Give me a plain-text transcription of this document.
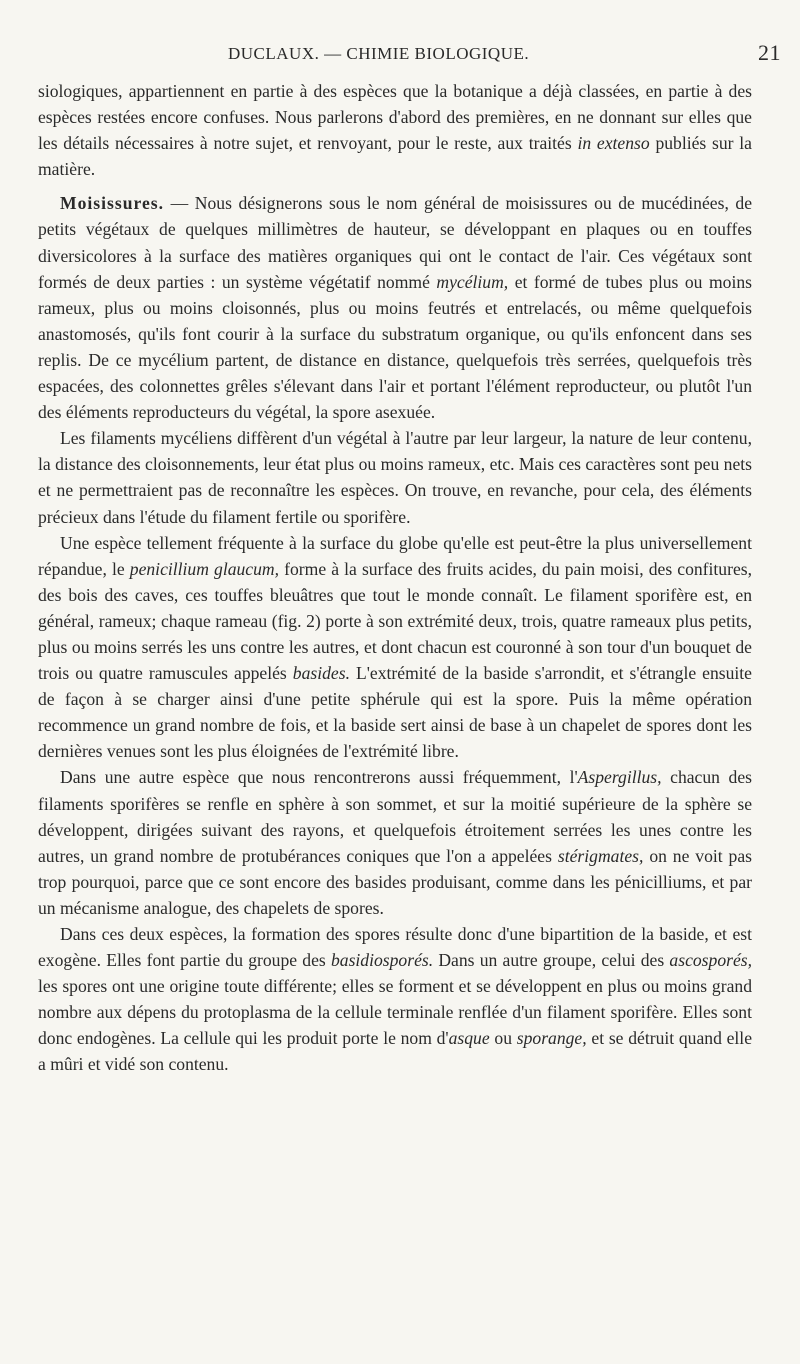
DUCLAUX. — CHIMIE BIOLOGIQUE.	21

siologiques, appartiennent en partie à des espèces que la botanique a déjà classées, en partie à des espèces restées encore confuses. Nous parlerons d'abord des premières, en ne donnant sur elles que les détails nécessaires à notre sujet, et renvoyant, pour le reste, aux traités in extenso publiés sur la matière.

Moisissures. — Nous désignerons sous le nom général de moisissures ou de mucédinées, de petits végétaux de quelques millimètres de hauteur, se développant en plaques ou en touffes diversicolores à la surface des matières organiques qui ont le contact de l'air. Ces végétaux sont formés de deux parties : un système végétatif nommé mycélium, et formé de tubes plus ou moins rameux, plus ou moins cloisonnés, plus ou moins feutrés et entrelacés, ou même quelquefois anastomosés, qu'ils font courir à la surface du substratum organique, ou qu'ils enfoncent dans ses replis. De ce mycélium partent, de distance en distance, quelquefois très serrées, quelquefois très espacées, des colonnettes grêles s'élevant dans l'air et portant l'élément reproducteur, ou plutôt l'un des éléments reproducteurs du végétal, la spore asexuée.

Les filaments mycéliens diffèrent d'un végétal à l'autre par leur largeur, la nature de leur contenu, la distance des cloisonnements, leur état plus ou moins rameux, etc. Mais ces caractères sont peu nets et ne permettraient pas de reconnaître les espèces. On trouve, en revanche, pour cela, des éléments précieux dans l'étude du filament fertile ou sporifère.

Une espèce tellement fréquente à la surface du globe qu'elle est peut-être la plus universellement répandue, le penicillium glaucum, forme à la surface des fruits acides, du pain moisi, des confitures, des bois des caves, ces touffes bleuâtres que tout le monde connaît. Le filament sporifère est, en général, rameux; chaque rameau (fig. 2) porte à son extrémité deux, trois, quatre rameaux plus petits, plus ou moins serrés les uns contre les autres, et dont chacun est couronné à son tour d'un bouquet de trois ou quatre ramuscules appelés basides. L'extrémité de la baside s'arrondit, et s'étrangle ensuite de façon à se charger ainsi d'une petite sphérule qui est la spore. Puis la même opération recommence un grand nombre de fois, et la baside sert ainsi de base à un chapelet de spores dont les dernières venues sont les plus éloignées de l'extrémité libre.

Dans une autre espèce que nous rencontrerons aussi fréquemment, l'Aspergillus, chacun des filaments sporifères se renfle en sphère à son sommet, et sur la moitié supérieure de la sphère se développent, dirigées suivant des rayons, et quelquefois étroitement serrées les unes contre les autres, un grand nombre de protubérances coniques que l'on a appelées stérigmates, on ne voit pas trop pourquoi, parce que ce sont encore des basides produisant, comme dans les pénicilliums, et par un mécanisme analogue, des chapelets de spores.

Dans ces deux espèces, la formation des spores résulte donc d'une bipartition de la baside, et est exogène. Elles font partie du groupe des basidiosporés. Dans un autre groupe, celui des ascosporés, les spores ont une origine toute différente; elles se forment et se développent en plus ou moins grand nombre aux dépens du protoplasma de la cellule terminale renflée d'un filament sporifère. Elles sont donc endogènes. La cellule qui les produit porte le nom d'asque ou sporange, et se détruit quand elle a mûri et vidé son contenu.
